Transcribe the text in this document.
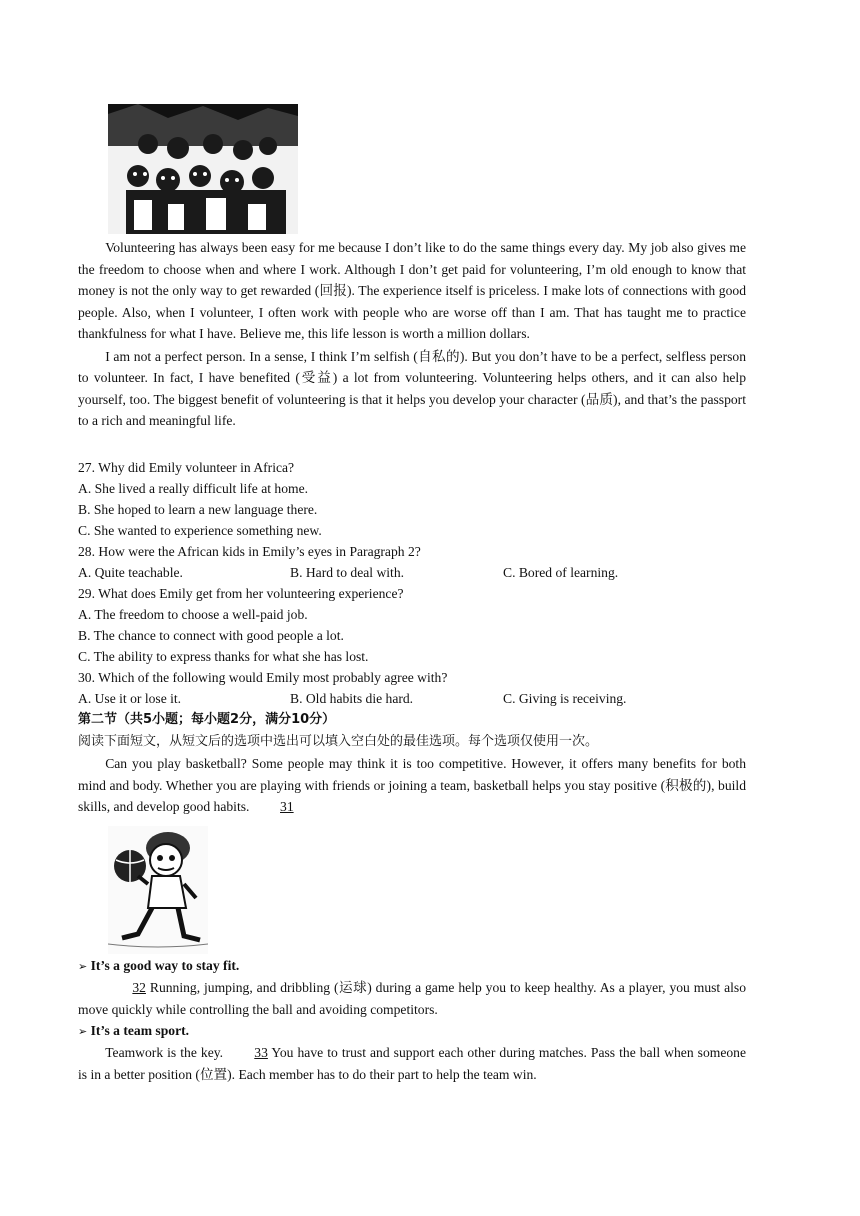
Volunteering has always been easy for me because I don’t like to do the same things every day. My job also gives me the freedom to choose when and where I work. Although I don’t get paid for volunteering, I’m old enough to know that money is not the only way to get rewarded (回报). The experience itself is priceless. I make lots of connections with good people. Also, when I volunteer, I often work with people who are worse off than I am. That has taught me to practice thankfulness for what I have. Believe me, this life lesson is worth a million dollars.

I am not a perfect person. In a sense, I think I’m selfish (自私的). But you don’t have to be a perfect, selfless person to volunteer. In fact, I have benefited (受益) a lot from volunteering. Volunteering helps others, and it can also help yourself, too. The biggest benefit of volunteering is that it helps you develop your character (品质), and that’s the passport to a rich and meaningful life.

27. Why did Emily volunteer in Africa?

A. She lived a really difficult life at home.

B. She hoped to learn a new language there.

C. She wanted to experience something new.

28. How were the African kids in Emily’s eyes in Paragraph 2?

A. Quite teachable.	B. Hard to deal with.	C. Bored of learning.

29. What does Emily get from her volunteering experience?

A. The freedom to choose a well-paid job.

B. The chance to connect with good people a lot.

C. The ability to express thanks for what she has lost.

30. Which of the following would Emily most probably agree with?

A. Use it or lose it.	B. Old habits die hard.	C. Giving is receiving.

第二节（共5小题；每小题2分，满分10分）

阅读下面短文，从短文后的选项中选出可以填入空白处的最佳选项。每个选项仅使用一次。

Can you play basketball? Some people may think it is too competitive. However, it offers many benefits for both mind and body. Whether you are playing with friends or joining a team, basketball helps you stay positive (积极的), build skills, and develop good habits. 31

➢ It’s a good way to stay fit.

32 Running, jumping, and dribbling (运球) during a game help you to keep healthy. As a player, you must also move quickly while controlling the ball and avoiding competitors.

➢ It’s a team sport.

Teamwork is the key. 33 You have to trust and support each other during matches. Pass the ball when someone is in a better position (位置). Each member has to do their part to help the team win.
